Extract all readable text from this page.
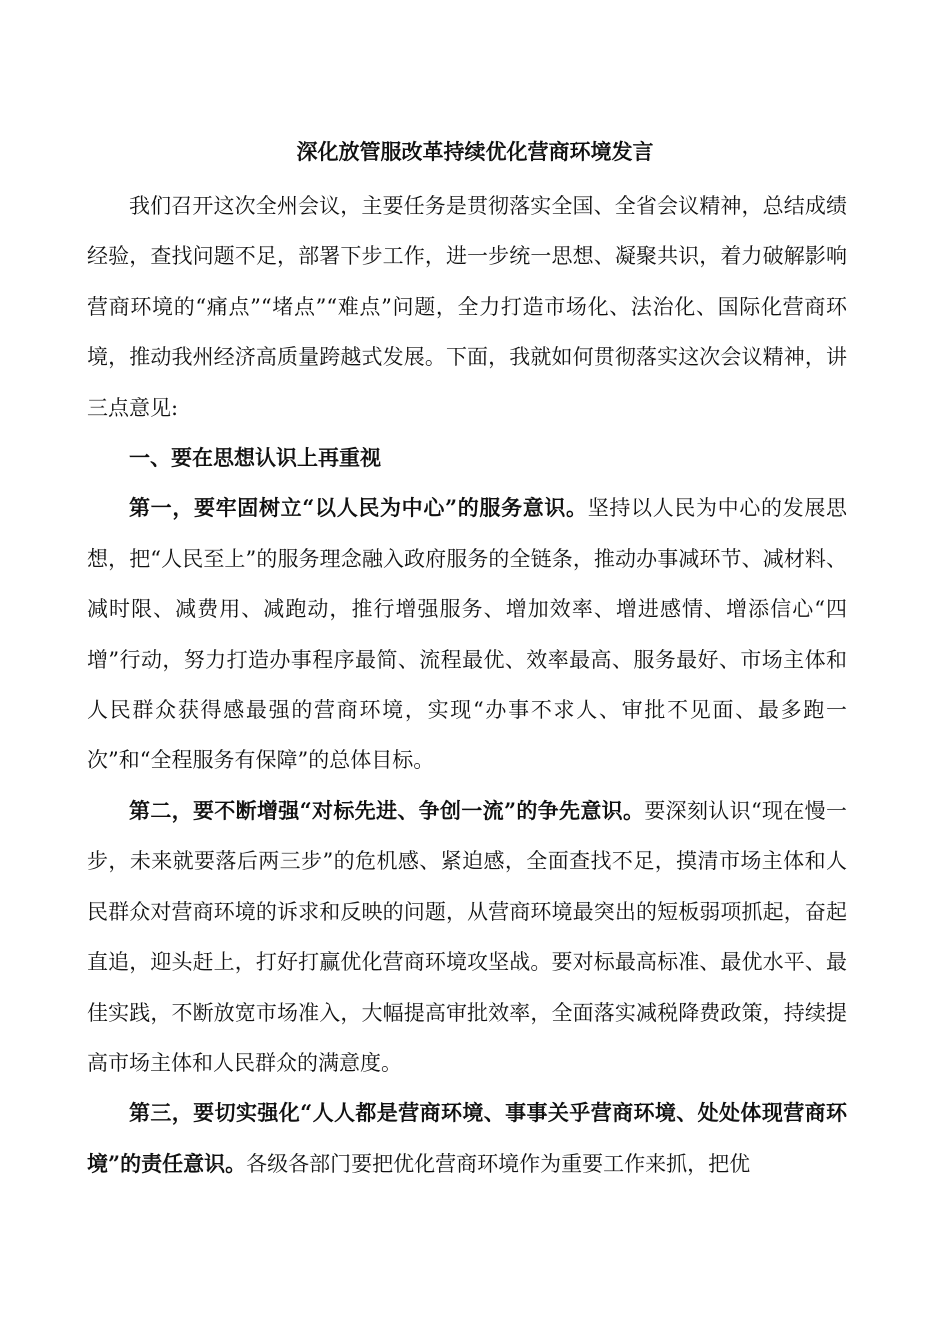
深化放管服改革持续优化营商环境发言

我们召开这次全州会议，主要任务是贯彻落实全国、全省会议精神，总结成绩经验，查找问题不足，部署下步工作，进一步统一思想、凝聚共识，着力破解影响营商环境的“痛点”“堵点”“难点”问题，全力打造市场化、法治化、国际化营商环境，推动我州经济高质量跨越式发展。下面，我就如何贯彻落实这次会议精神，讲三点意见:

一、要在思想认识上再重视

第一，要牢固树立“以人民为中心”的服务意识。坚持以人民为中心的发展思想，把“人民至上”的服务理念融入政府服务的全链条，推动办事减环节、减材料、减时限、减费用、减跑动，推行增强服务、增加效率、增进感情、增添信心“四增”行动，努力打造办事程序最简、流程最优、效率最高、服务最好、市场主体和人民群众获得感最强的营商环境，实现“办事不求人、审批不见面、最多跑一次”和“全程服务有保障”的总体目标。

第二，要不断增强“对标先进、争创一流”的争先意识。要深刻认识“现在慢一步，未来就要落后两三步”的危机感、紧迫感，全面查找不足，摸清市场主体和人民群众对营商环境的诉求和反映的问题，从营商环境最突出的短板弱项抓起，奋起直追，迎头赶上，打好打赢优化营商环境攻坚战。要对标最高标准、最优水平、最佳实践，不断放宽市场准入，大幅提高审批效率，全面落实减税降费政策，持续提高市场主体和人民群众的满意度。

第三，要切实强化“人人都是营商环境、事事关乎营商环境、处处体现营商环境”的责任意识。各级各部门要把优化营商环境作为重要工作来抓，把优
